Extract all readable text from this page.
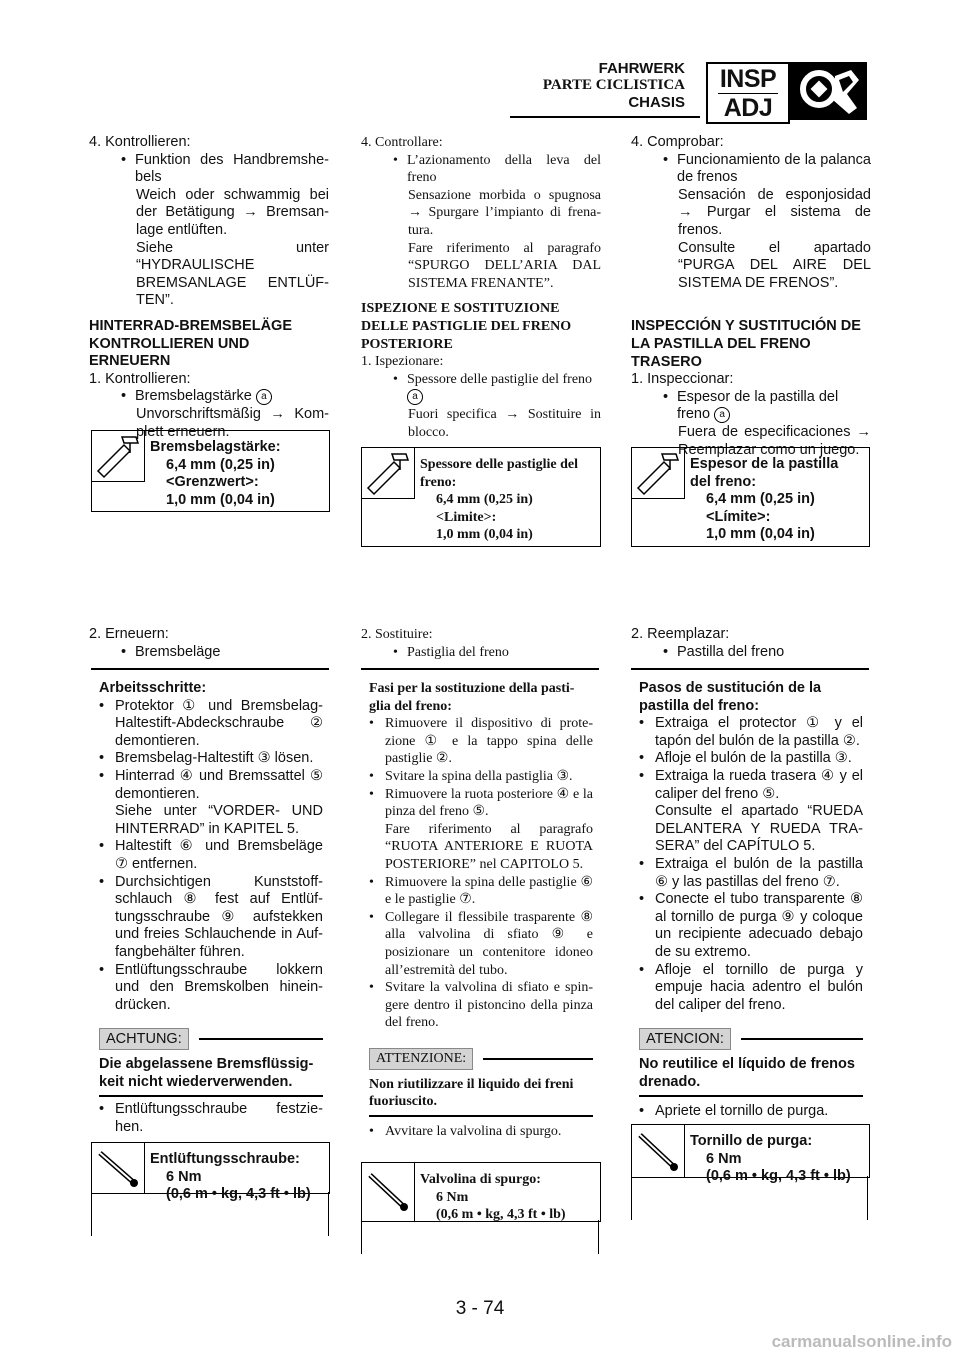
FAHRWERK
PARTE CICLISTICA
CHASIS
INSP
ADJ

4. Kontrollieren:

• Funktion des Handbremshe-bels

Weich oder schwammig bei der Betätigung → Bremsan-lage entlüften.

Siehe unter “HYDRAULISCHE BREMSANLAGE ENTLÜF-TEN”.

HINTERRAD-BREMSBELÄGE

KONTROLLIEREN UND

ERNEUERN

1. Kontrollieren:

• Bremsbelagstärke a

Unvorschriftsmäßig → Kom-plett erneuern.

Bremsbelagstärke:
6,4 mm (0,25 in)
<Grenzwert>:
1,0 mm (0,04 in)

2. Erneuern:

• Bremsbeläge

Arbeitsschritte:

• Protektor ① und Bremsbelag-Haltestift-Abdeckschraube ② demontieren.

• Bremsbelag-Haltestift ③ lösen.

• Hinterrad ④ und Bremssattel ⑤ demontieren.

Siehe unter “VORDER- UND HINTERRAD” in KAPITEL 5.

• Haltestift ⑥ und Bremsbeläge ⑦ entfernen.

• Durchsichtigen Kunststoff-schlauch ⑧ fest auf Entlüf-tungsschraube ⑨ aufstekken und freies Schlauchende in Auf-fangbehälter führen.

• Entlüftungsschraube lokkern und den Bremskolben hinein-drücken.

ACHTUNG:

Die abgelassene Bremsflüssig-keit nicht wiederverwenden.

• Entlüftungsschraube festzie-hen.

Entlüftungsschraube:
6 Nm
(0,6 m • kg, 4,3 ft • lb)

4. Controllare:

• L’azionamento della leva del freno

Sensazione morbida o spugnosa → Spurgare l’impianto di frena-tura.

Fare riferimento al paragrafo “SPURGO DELL’ARIA DAL SISTEMA FRENANTE”.

ISPEZIONE E SOSTITUZIONE

DELLE PASTIGLIE DEL FRENO

POSTERIORE

1. Ispezionare:

• Spessore delle pastiglie del freno a

Fuori specifica → Sostituire in blocco.

Spessore delle pastiglie del freno:
6,4 mm (0,25 in)
<Limite>:
1,0 mm (0,04 in)

2. Sostituire:

• Pastiglia del freno

Fasi per la sostituzione della pasti-glia del freno:

• Rimuovere il dispositivo di prote-zione ① e la tappo spina delle pastiglie ②.

• Svitare la spina della pastiglia ③.

• Rimuovere la ruota posteriore ④ e la pinza del freno ⑤.

Fare riferimento al paragrafo “RUOTA ANTERIORE E RUOTA POSTERIORE” nel CAPITOLO 5.

• Rimuovere la spina delle pastiglie ⑥ e le pastiglie ⑦.

• Collegare il flessibile trasparente ⑧ alla valvolina di sfiato ⑨ e posizionare un contenitore idoneo all’estremità del tubo.

• Svitare la valvolina di sfiato e spin-gere dentro il pistoncino della pinza del freno.

ATTENZIONE:

Non riutilizzare il liquido dei freni fuoriuscito.

• Avvitare la valvolina di spurgo.

Valvolina di spurgo:
6 Nm
(0,6 m • kg, 4,3 ft • lb)

4. Comprobar:

• Funcionamiento de la palanca de frenos

Sensación de esponjosidad → Purgar el sistema de frenos.

Consulte el apartado “PURGA DEL AIRE DEL SISTEMA DE FRENOS”.

INSPECCIÓN Y SUSTITUCIÓN DE

LA PASTILLA DEL FRENO

TRASERO

1. Inspeccionar:

• Espesor de la pastilla del freno a

Fuera de especificaciones → Reemplazar como un juego.

Espesor de la pastilla del freno:
6,4 mm (0,25 in)
<Límite>:
1,0 mm (0,04 in)

2. Reemplazar:

• Pastilla del freno

Pasos de sustitución de la pastilla del freno:

• Extraiga el protector ① y el tapón del bulón de la pastilla ②.

• Afloje el bulón de la pastilla ③.

• Extraiga la rueda trasera ④ y el caliper del freno ⑤.

Consulte el apartado “RUEDA DELANTERA Y RUEDA TRA-SERA” del CAPÍTULO 5.

• Extraiga el bulón de la pastilla ⑥ y las pastillas del freno ⑦.

• Conecte el tubo transparente ⑧ al tornillo de purga ⑨ y coloque un recipiente adecuado debajo de su extremo.

• Afloje el tornillo de purga y empuje hacia adentro el bulón del caliper del freno.

ATENCION:

No reutilice el líquido de frenos drenado.

• Apriete el tornillo de purga.

Tornillo de purga:
6 Nm
(0,6 m • kg, 4,3 ft • lb)
3 - 74
carmanualsonline.info
